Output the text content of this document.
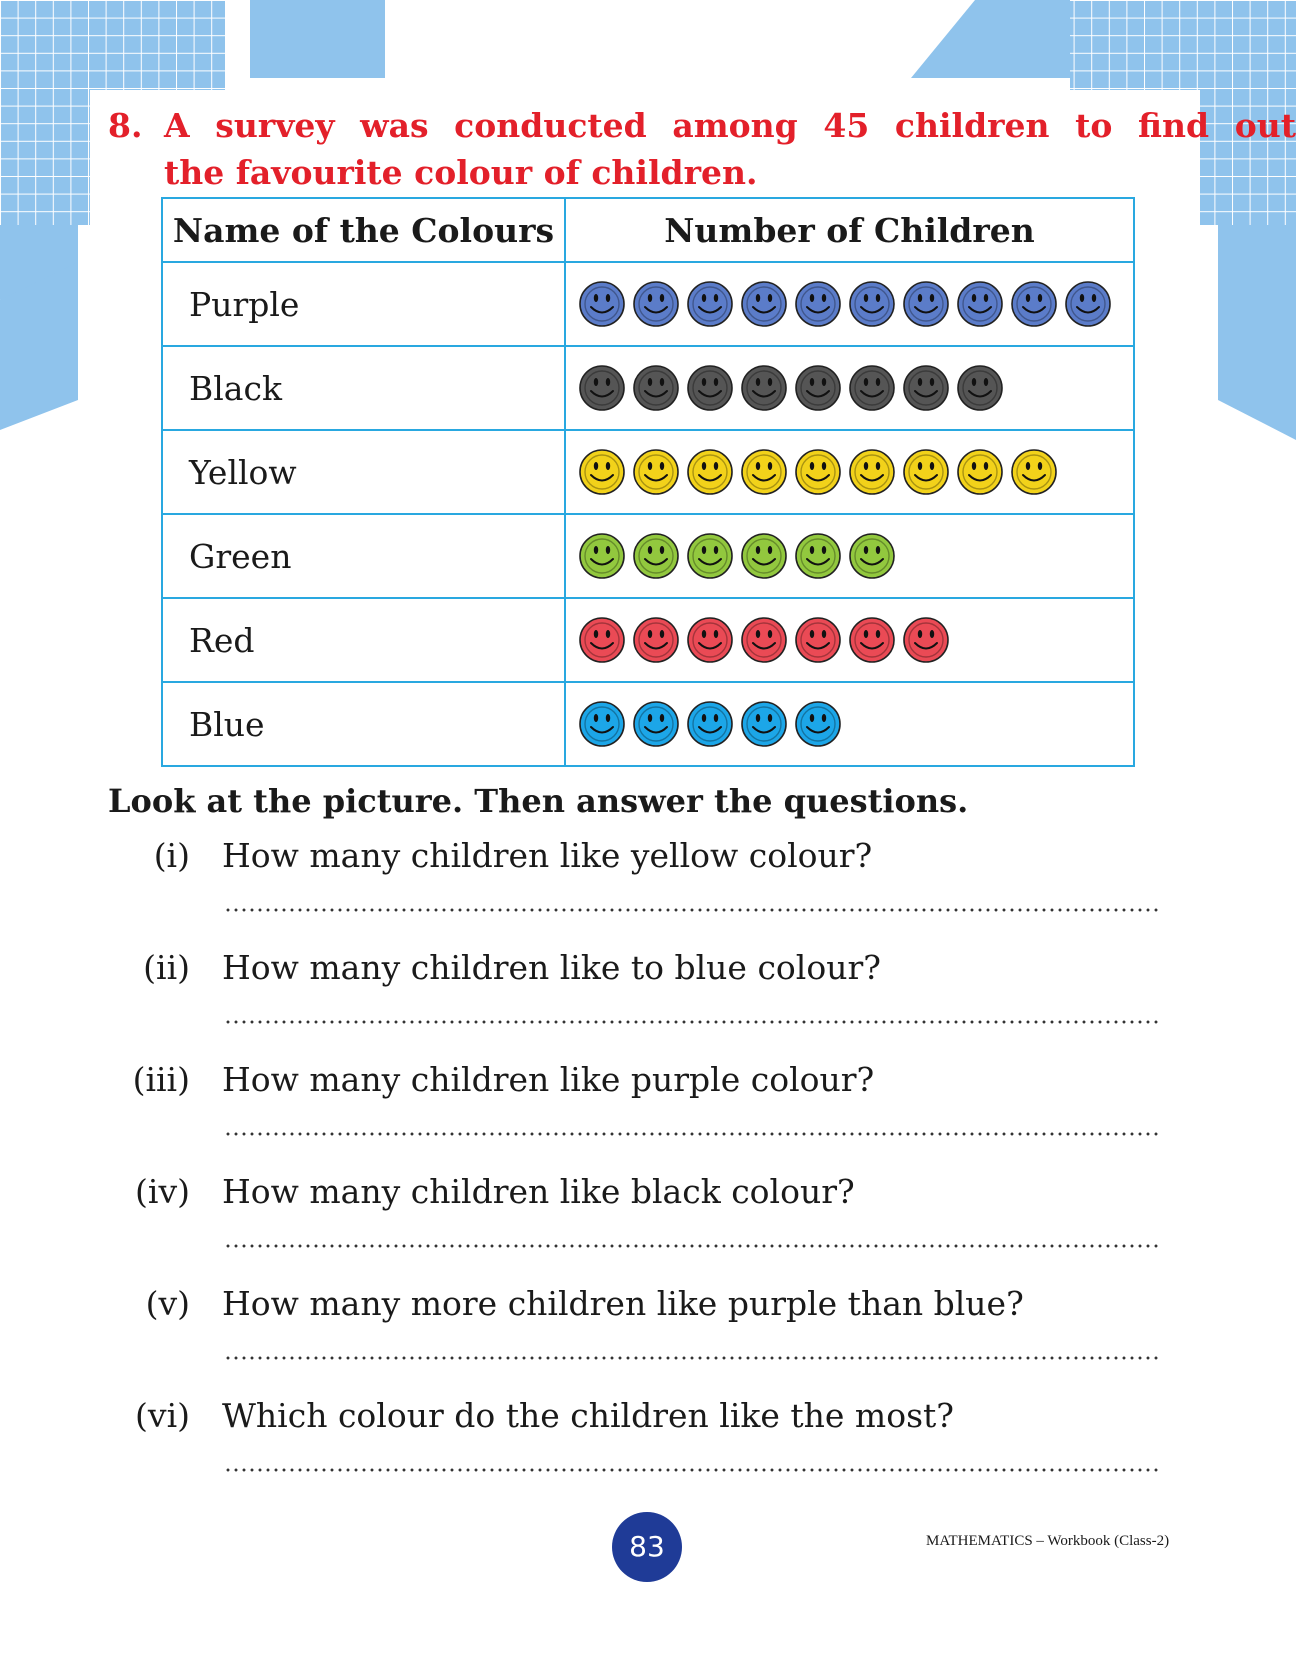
8. A survey was conducted among 45 children to find out
the favourite colour of children.
Name of the Colours	Number of Children
Purple	
Black	
Yellow	
Green	
Red	
Blue	
Look at the picture. Then answer the questions.
(i) How many children like yellow colour?
(ii) How many children like to blue colour?
(iii) How many children like purple colour?
(iv) How many children like black colour?
(v) How many more children like purple than blue?
(vi) Which colour do the children like the most?
83	MATHEMATICS – Workbook (Class-2)
